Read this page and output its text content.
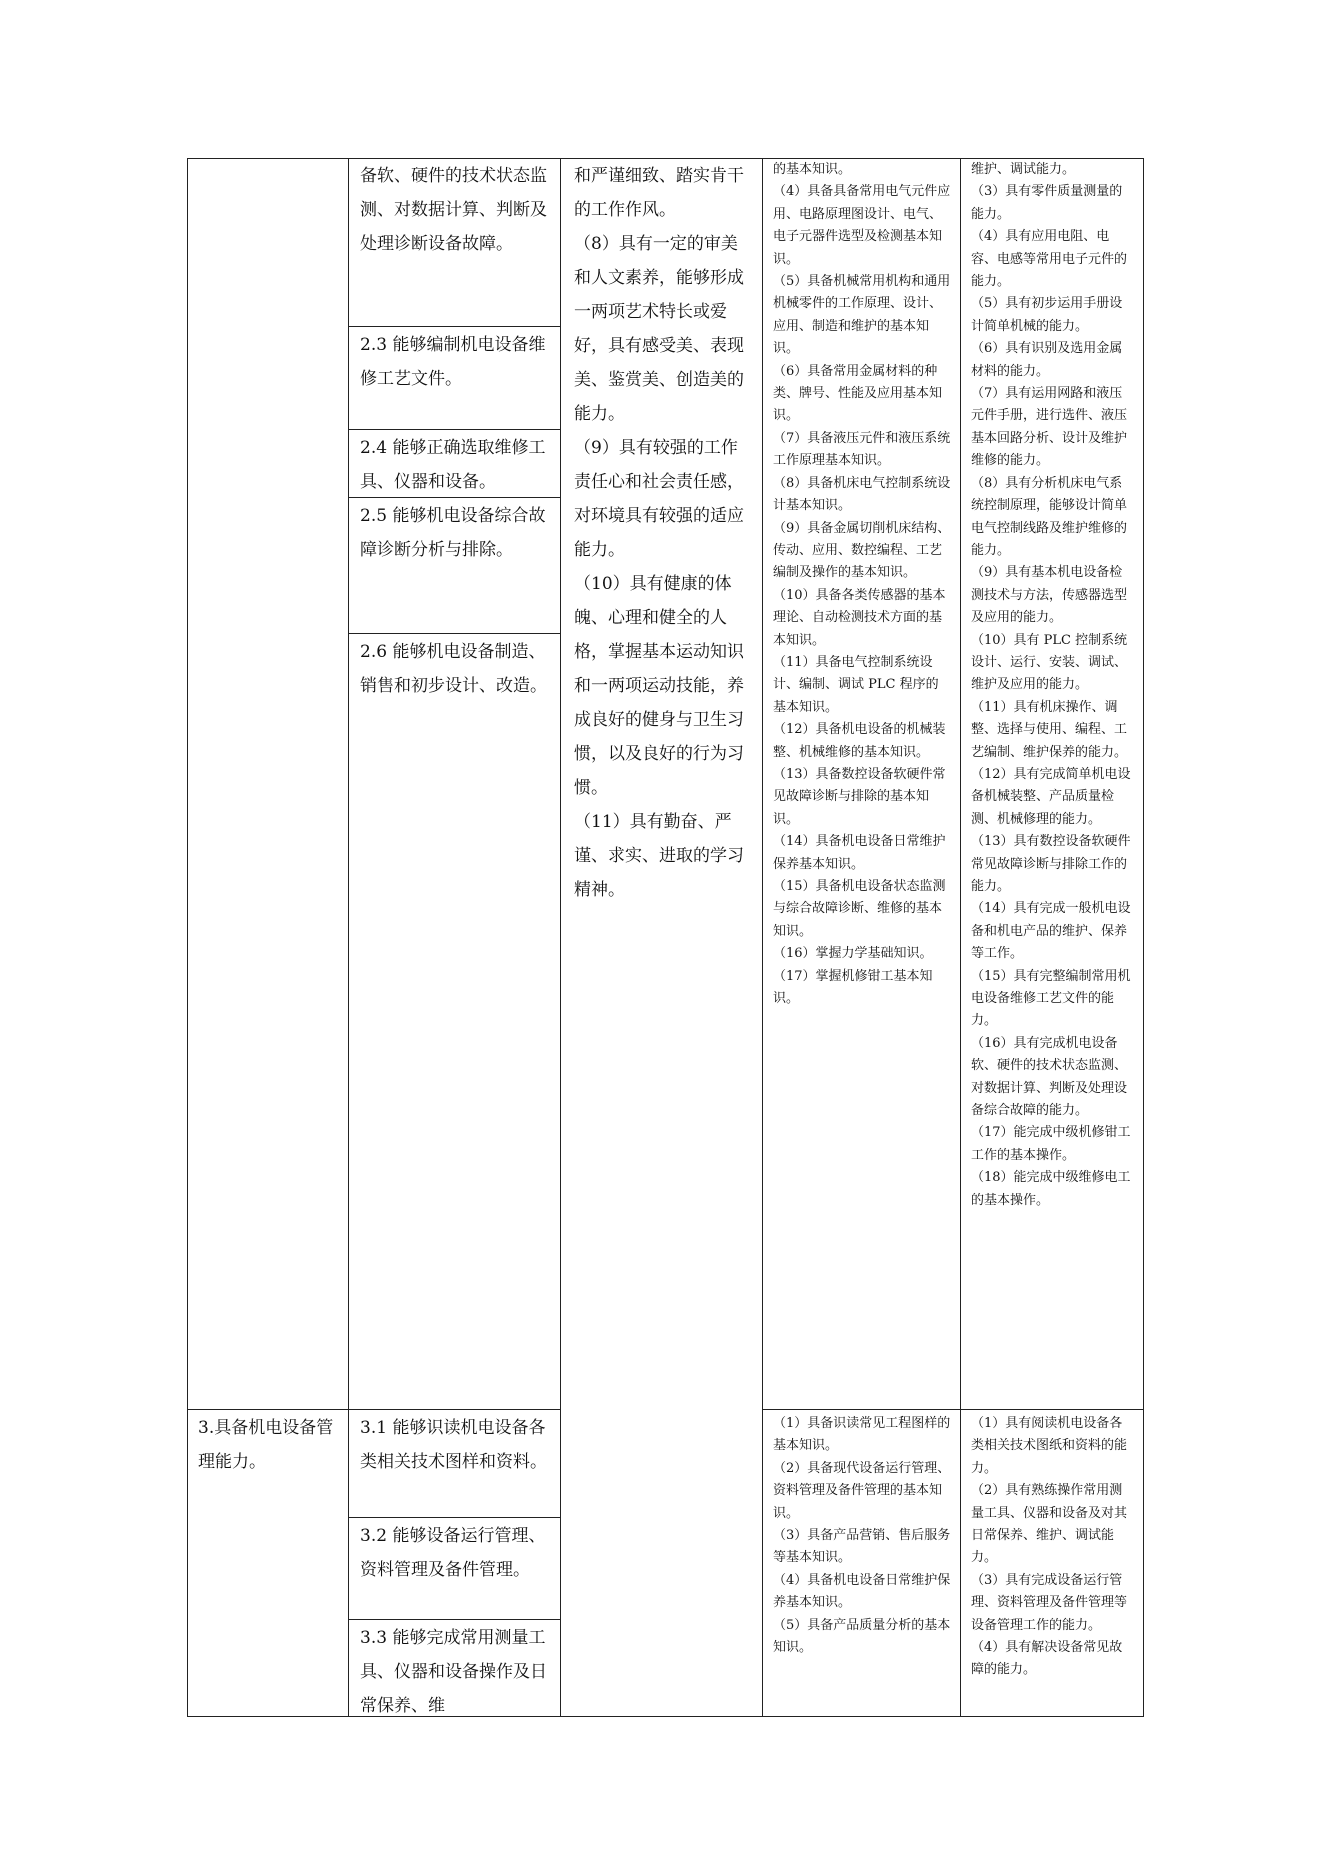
备软、硬件的技术状态监测、对数据计算、判断及处理诊断设备故障。

2.3 能够编制机电设备维修工艺文件。

2.4 能够正确选取维修工具、仪器和设备。

2.5 能够机电设备综合故障诊断分析与排除。

2.6 能够机电设备制造、销售和初步设计、改造。

和严谨细致、踏实肯干的工作作风。

（8）具有一定的审美和人文素养，能够形成一两项艺术特长或爱好，具有感受美、表现美、鉴赏美、创造美的能力。

（9）具有较强的工作责任心和社会责任感，对环境具有较强的适应能力。

（10）具有健康的体魄、心理和健全的人格，掌握基本运动知识和一两项运动技能，养成良好的健身与卫生习惯，以及良好的行为习惯。

（11）具有勤奋、严谨、求实、进取的学习精神。

的基本知识。

（4）具备具备常用电气元件应用、电路原理图设计、电气、电子元器件选型及检测基本知识。

（5）具备机械常用机构和通用机械零件的工作原理、设计、应用、制造和维护的基本知识。

（6）具备常用金属材料的种类、牌号、性能及应用基本知识。

（7）具备液压元件和液压系统工作原理基本知识。

（8）具备机床电气控制系统设计基本知识。

（9）具备金属切削机床结构、传动、应用、数控编程、工艺编制及操作的基本知识。

（10）具备各类传感器的基本理论、自动检测技术方面的基本知识。

（11）具备电气控制系统设计、编制、调试 PLC 程序的基本知识。

（12）具备机电设备的机械装整、机械维修的基本知识。

（13）具备数控设备软硬件常见故障诊断与排除的基本知识。

（14）具备机电设备日常维护保养基本知识。

（15）具备机电设备状态监测与综合故障诊断、维修的基本知识。

（16）掌握力学基础知识。

（17）掌握机修钳工基本知识。

维护、调试能力。

（3）具有零件质量测量的能力。

（4）具有应用电阻、电容、电感等常用电子元件的能力。

（5）具有初步运用手册设计简单机械的能力。

（6）具有识别及选用金属材料的能力。

（7）具有运用网路和液压元件手册，进行选件、液压基本回路分析、设计及维护维修的能力。

（8）具有分析机床电气系统控制原理，能够设计简单电气控制线路及维护维修的能力。

（9）具有基本机电设备检测技术与方法，传感器选型及应用的能力。

（10）具有 PLC 控制系统设计、运行、安装、调试、维护及应用的能力。

（11）具有机床操作、调整、选择与使用、编程、工艺编制、维护保养的能力。

（12）具有完成简单机电设备机械装整、产品质量检测、机械修理的能力。

（13）具有数控设备软硬件常见故障诊断与排除工作的能力。

（14）具有完成一般机电设备和机电产品的维护、保养等工作。

（15）具有完整编制常用机电设备维修工艺文件的能力。

（16）具有完成机电设备软、硬件的技术状态监测、对数据计算、判断及处理设备综合故障的能力。

（17）能完成中级机修钳工工作的基本操作。

（18）能完成中级维修电工的基本操作。

3.具备机电设备管理能力。

3.1 能够识读机电设备各类相关技术图样和资料。

3.2 能够设备运行管理、资料管理及备件管理。

3.3 能够完成常用测量工具、仪器和设备操作及日常保养、维

（1）具备识读常见工程图样的基本知识。

（2）具备现代设备运行管理、资料管理及备件管理的基本知识。

（3）具备产品营销、售后服务等基本知识。

（4）具备机电设备日常维护保养基本知识。

（5）具备产品质量分析的基本知识。

（1）具有阅读机电设备各类相关技术图纸和资料的能力。

（2）具有熟练操作常用测量工具、仪器和设备及对其日常保养、维护、调试能力。

（3）具有完成设备运行管理、资料管理及备件管理等设备管理工作的能力。

（4）具有解决设备常见故障的能力。
